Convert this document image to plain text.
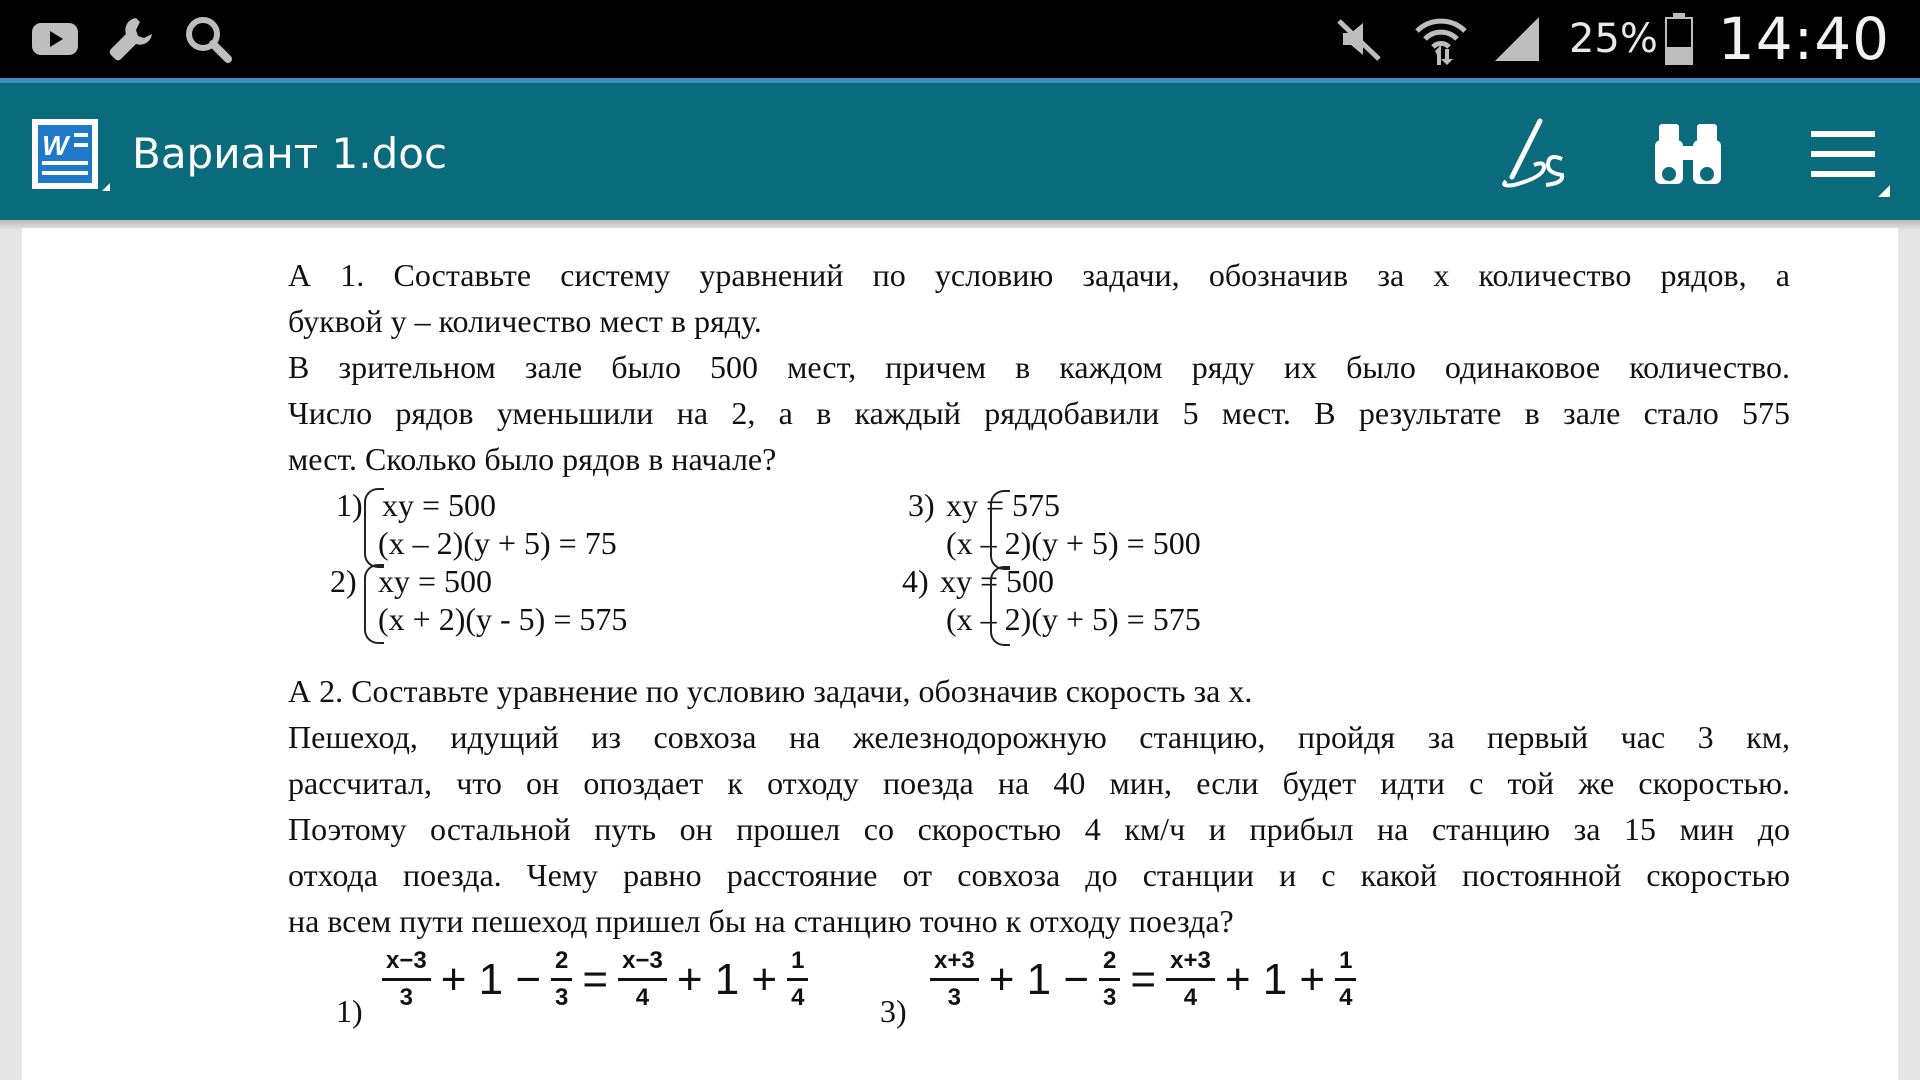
25% 14:40
W Вариант 1.doc
А 1. Составьте систему уравнений по условию задачи, обозначив за х количество рядов, а
буквой у – количество мест в ряду.
В зрительном зале было 500 мест, причем в каждом ряду их было одинаковое количество.
Число рядов уменьшили на 2, а в каждый ряддобавили 5 мест. В результате в зале стало 575
мест. Сколько было рядов в начале?
1) xy = 500
(x – 2)(y + 5) = 75
2) xy = 500
(x + 2)(y - 5) = 575
3) xy = 575
(x – 2)(y + 5) = 500
4) xy = 500
(x – 2)(y + 5) = 575
А 2. Составьте уравнение по условию задачи, обозначив скорость за х.
Пешеход, идущий из совхоза на железнодорожную станцию, пройдя за первый час 3 км,
рассчитал, что он опоздает к отходу поезда на 40 мин, если будет идти с той же скоростью.
Поэтому остальной путь он прошел со скоростью 4 км/ч и прибыл на станцию за 15 мин до
отхода поезда. Чему равно расстояние от совхоза до станции и с какой постоянной скоростью
на всем пути пешеход пришел бы на станцию точно к отходу поезда?
$1) \frac{x-3}{3} + 1 - \frac{2}{3} = \frac{x-3}{4} + 1 + \frac{1}{4} 3) \frac{x+3}{3} + 1 - \frac{2}{3} = \frac{x+3}{4} + 1 + \frac{1}{4}$
